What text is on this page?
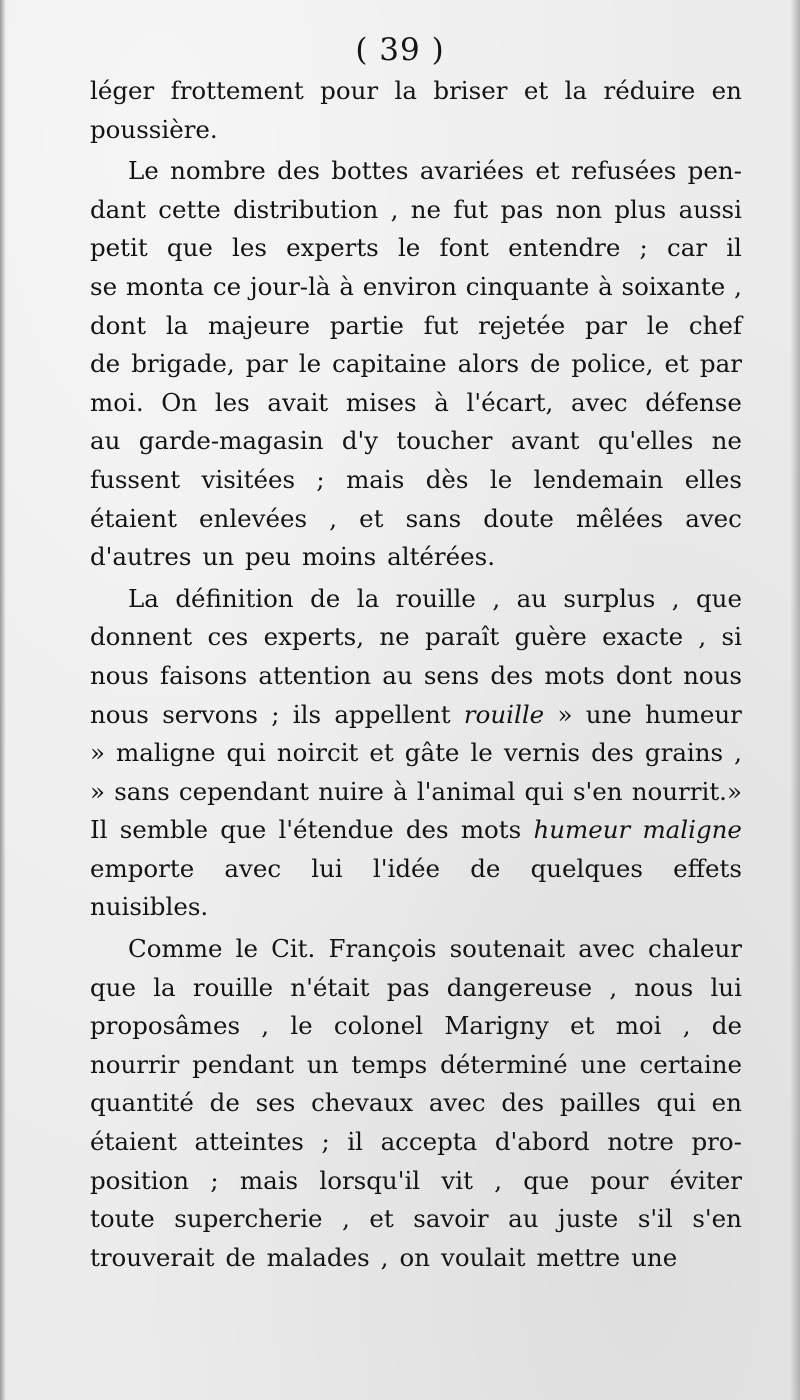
( 39 )
léger frottement pour la briser et la réduire en
poussière.
Le nombre des bottes avariées et refusées pen-
dant cette distribution , ne fut pas non plus aussi
petit que les experts le font entendre ; car il
se monta ce jour-là à environ cinquante à soixante ,
dont la majeure partie fut rejetée par le chef
de brigade, par le capitaine alors de police, et par
moi. On les avait mises à l'écart, avec défense
au garde-magasin d'y toucher avant qu'elles ne
fussent visitées ; mais dès le lendemain elles
étaient enlevées , et sans doute mêlées avec
d'autres un peu moins altérées.
La définition de la rouille , au surplus , que
donnent ces experts, ne paraît guère exacte , si
nous faisons attention au sens des mots dont nous
nous servons ; ils appellent rouille » une humeur
» maligne qui noircit et gâte le vernis des grains ,
» sans cependant nuire à l'animal qui s'en nourrit.»
Il semble que l'étendue des mots humeur maligne
emporte avec lui l'idée de quelques effets
nuisibles.
Comme le Cit. François soutenait avec chaleur
que la rouille n'était pas dangereuse , nous lui
proposâmes , le colonel Marigny et moi , de
nourrir pendant un temps déterminé une certaine
quantité de ses chevaux avec des pailles qui en
étaient atteintes ; il accepta d'abord notre pro-
position ; mais lorsqu'il vit , que pour éviter
toute supercherie , et savoir au juste s'il s'en
trouverait de malades , on voulait mettre une
